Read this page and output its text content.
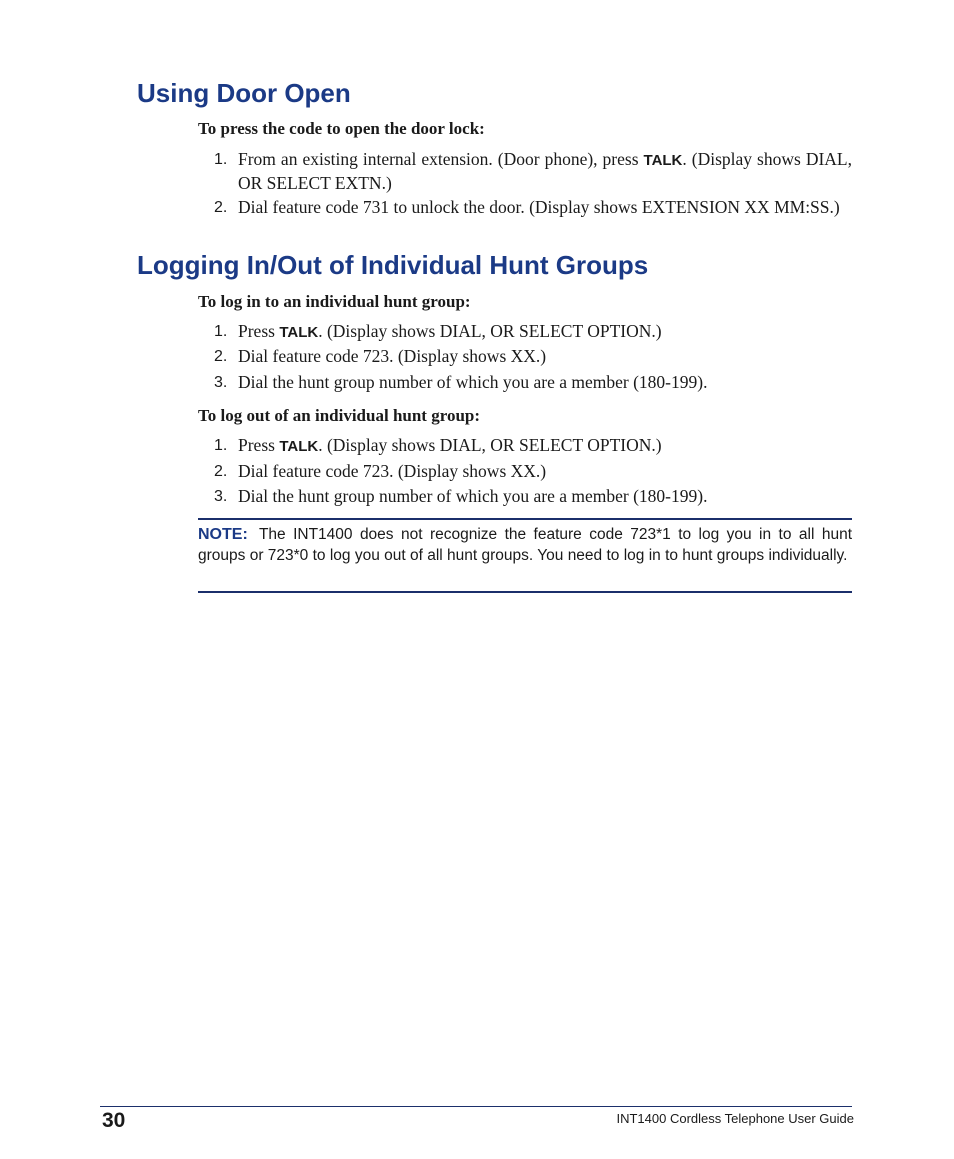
Using Door Open
To press the code to open the door lock:
1. From an existing internal extension. (Door phone), press TALK. (Display shows DIAL, OR SELECT EXTN.)
2. Dial feature code 731 to unlock the door. (Display shows EXTENSION XX MM:SS.)
Logging In/Out of Individual Hunt Groups
To log in to an individual hunt group:
1. Press TALK. (Display shows DIAL, OR SELECT OPTION.)
2. Dial feature code 723. (Display shows XX.)
3. Dial the hunt group number of which you are a member (180-199).
To log out of an individual hunt group:
1. Press TALK. (Display shows DIAL, OR SELECT OPTION.)
2. Dial feature code 723. (Display shows XX.)
3. Dial the hunt group number of which you are a member (180-199).

NOTE: The INT1400 does not recognize the feature code 723*1 to log you in to all hunt groups or 723*0 to log you out of all hunt groups. You need to log in to hunt groups individually.

30	INT1400 Cordless Telephone User Guide
